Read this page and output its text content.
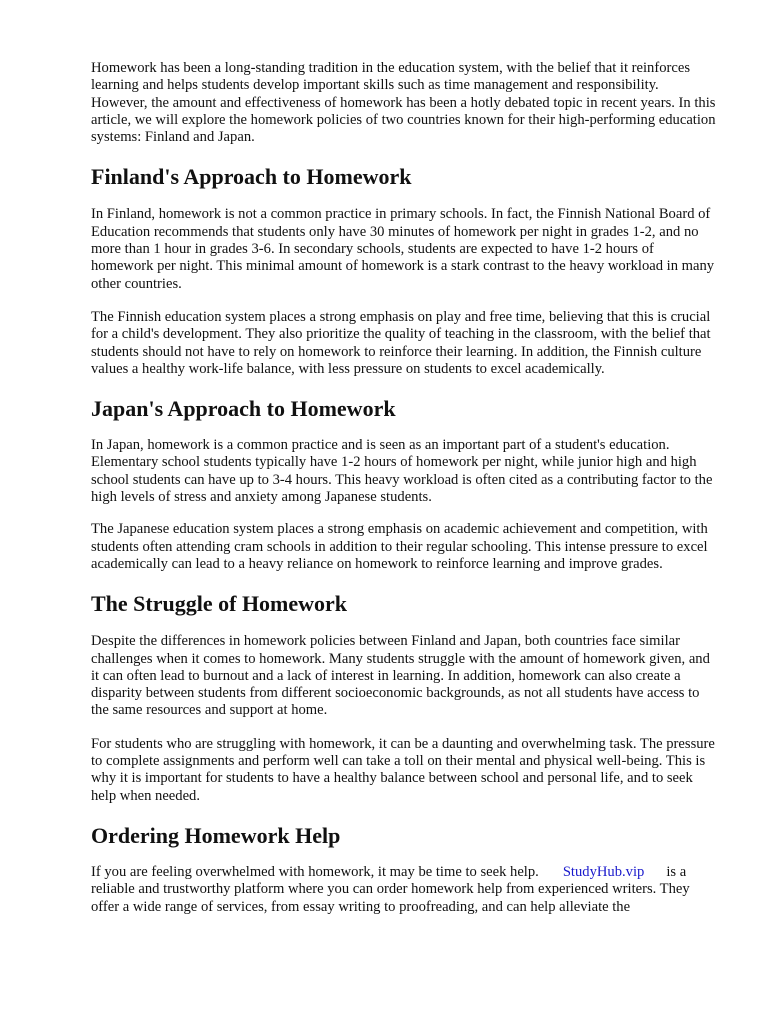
Homework has been a long-standing tradition in the education system, with the belief that it reinforces learning and helps students develop important skills such as time management and responsibility. However, the amount and effectiveness of homework has been a hotly debated topic in recent years. In this article, we will explore the homework policies of two countries known for their high-performing education systems: Finland and Japan.

Finland's Approach to Homework

In Finland, homework is not a common practice in primary schools. In fact, the Finnish National Board of Education recommends that students only have 30 minutes of homework per night in grades 1-2, and no more than 1 hour in grades 3-6. In secondary schools, students are expected to have 1-2 hours of homework per night. This minimal amount of homework is a stark contrast to the heavy workload in many other countries.

The Finnish education system places a strong emphasis on play and free time, believing that this is crucial for a child's development. They also prioritize the quality of teaching in the classroom, with the belief that students should not have to rely on homework to reinforce their learning. In addition, the Finnish culture values a healthy work-life balance, with less pressure on students to excel academically.

Japan's Approach to Homework

In Japan, homework is a common practice and is seen as an important part of a student's education. Elementary school students typically have 1-2 hours of homework per night, while junior high and high school students can have up to 3-4 hours. This heavy workload is often cited as a contributing factor to the high levels of stress and anxiety among Japanese students.

The Japanese education system places a strong emphasis on academic achievement and competition, with students often attending cram schools in addition to their regular schooling. This intense pressure to excel academically can lead to a heavy reliance on homework to reinforce learning and improve grades.

The Struggle of Homework

Despite the differences in homework policies between Finland and Japan, both countries face similar challenges when it comes to homework. Many students struggle with the amount of homework given, and it can often lead to burnout and a lack of interest in learning. In addition, homework can also create a disparity between students from different socioeconomic backgrounds, as not all students have access to the same resources and support at home.

For students who are struggling with homework, it can be a daunting and overwhelming task. The pressure to complete assignments and perform well can take a toll on their mental and physical well-being. This is why it is important for students to have a healthy balance between school and personal life, and to seek help when needed.

Ordering Homework Help

If you are feeling overwhelmed with homework, it may be time to seek help. StudyHub.vip is a reliable and trustworthy platform where you can order homework help from experienced writers. They offer a wide range of services, from essay writing to proofreading, and can help alleviate the
